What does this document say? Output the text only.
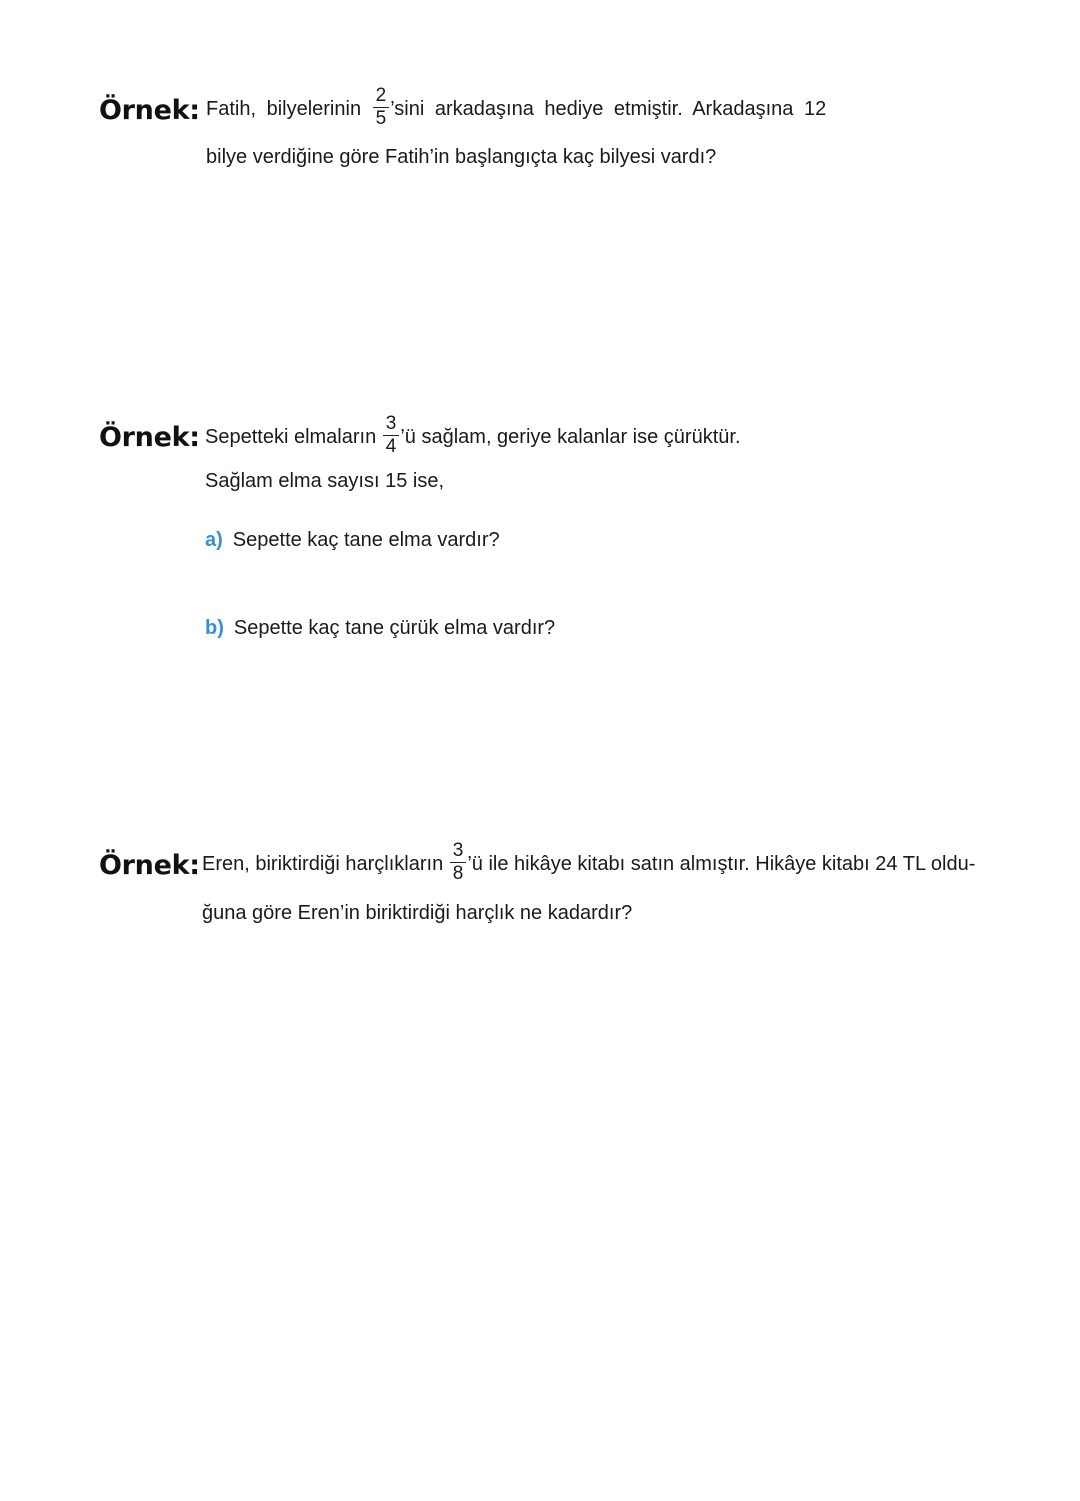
Örnek: Fatih, bilyelerinin $\frac{2}{5}$ ’sini arkadaşına hediye etmiştir. Arkadaşına 12
bilye verdiğine göre Fatih’in başlangıçta kaç bilyesi vardı?
Örnek: Sepetteki elmaların $\frac{3}{4}$ ’ü sağlam, geriye kalanlar ise çürüktür.
Sağlam elma sayısı 15 ise,
a) Sepette kaç tane elma vardır?
b) Sepette kaç tane çürük elma vardır?
Örnek: Eren, biriktirdiği harçlıkların $\frac{3}{8}$ ’ü ile hikâye kitabı satın almıştır. Hikâye kitabı 24 TL oldu-
ğuna göre Eren’in biriktirdiği harçlık ne kadardır?
